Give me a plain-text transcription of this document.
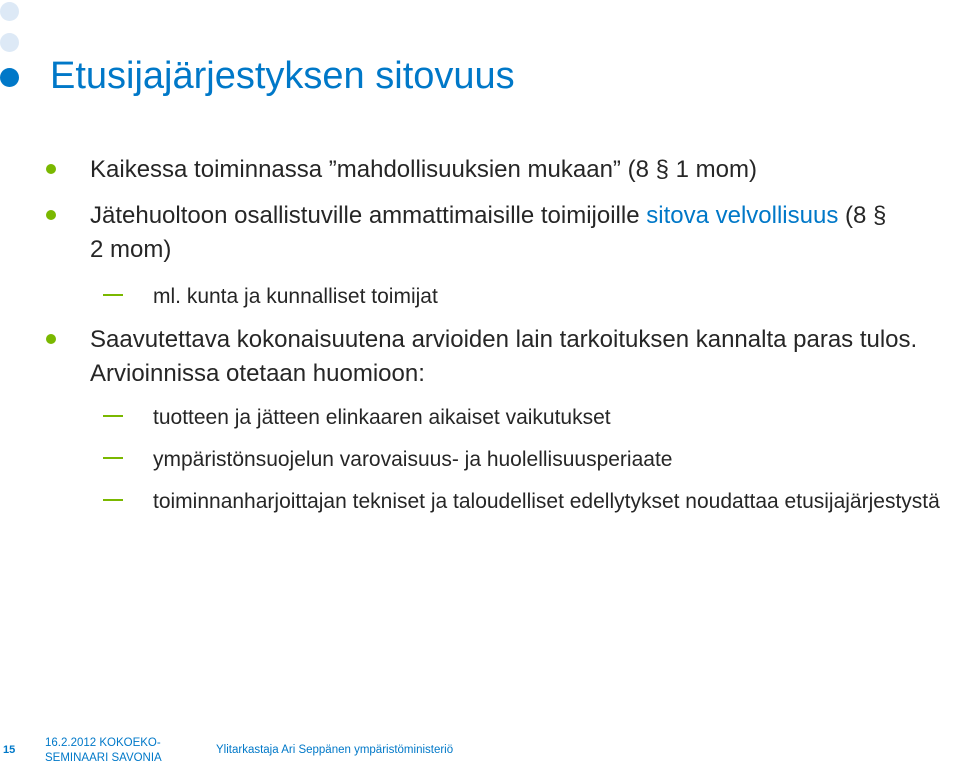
Etusijajärjestyksen sitovuus
Kaikessa toiminnassa ”mahdollisuuksien mukaan” (8 § 1 mom)
Jätehuoltoon osallistuville ammattimaisille toimijoille sitova velvollisuus (8 § 2 mom)
ml. kunta ja kunnalliset toimijat
Saavutettava kokonaisuutena arvioiden lain tarkoituksen kannalta paras tulos. Arvioinnissa otetaan huomioon:
tuotteen ja jätteen elinkaaren aikaiset vaikutukset
ympäristönsuojelun varovaisuus- ja huolellisuusperiaate
toiminnanharjoittajan tekniset ja taloudelliset edellytykset noudattaa etusijajärjestystä
15
16.2.2012 KOKOEKO-SEMINAARI SAVONIA
Ylitarkastaja Ari Seppänen ympäristöministeriö
